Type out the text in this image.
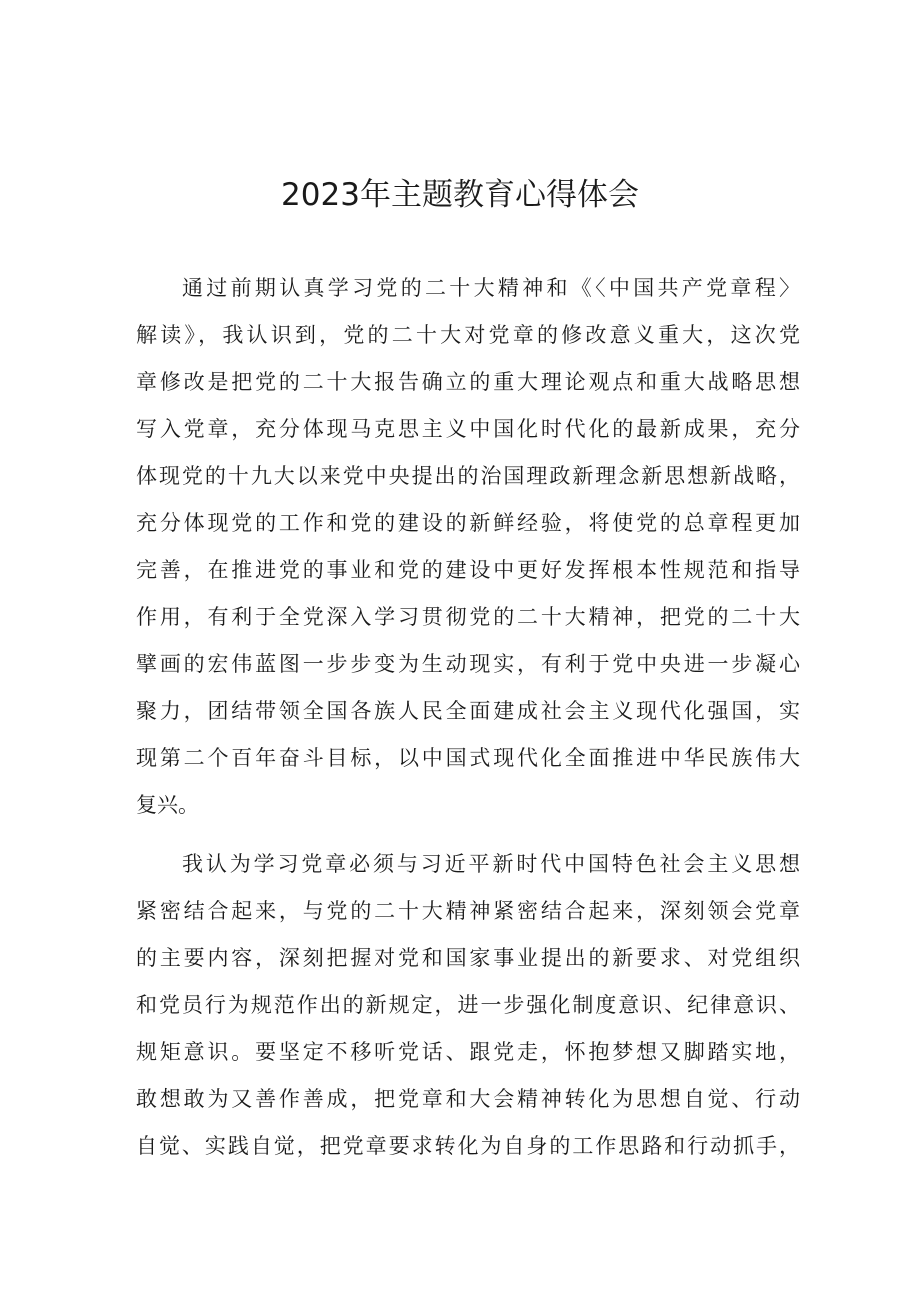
2023年主题教育心得体会
通过前期认真学习党的二十大精神和《〈中国共产党章程〉
解读》，我认识到，党的二十大对党章的修改意义重大，这次党
章修改是把党的二十大报告确立的重大理论观点和重大战略思想
写入党章，充分体现马克思主义中国化时代化的最新成果，充分
体现党的十九大以来党中央提出的治国理政新理念新思想新战略，
充分体现党的工作和党的建设的新鲜经验，将使党的总章程更加
完善，在推进党的事业和党的建设中更好发挥根本性规范和指导
作用，有利于全党深入学习贯彻党的二十大精神，把党的二十大
擘画的宏伟蓝图一步步变为生动现实，有利于党中央进一步凝心
聚力，团结带领全国各族人民全面建成社会主义现代化强国，实
现第二个百年奋斗目标，以中国式现代化全面推进中华民族伟大
复兴。
我认为学习党章必须与习近平新时代中国特色社会主义思想
紧密结合起来，与党的二十大精神紧密结合起来，深刻领会党章
的主要内容，深刻把握对党和国家事业提出的新要求、对党组织
和党员行为规范作出的新规定，进一步强化制度意识、纪律意识、
规矩意识。要坚定不移听党话、跟党走，怀抱梦想又脚踏实地，
敢想敢为又善作善成，把党章和大会精神转化为思想自觉、行动
自觉、实践自觉，把党章要求转化为自身的工作思路和行动抓手，
